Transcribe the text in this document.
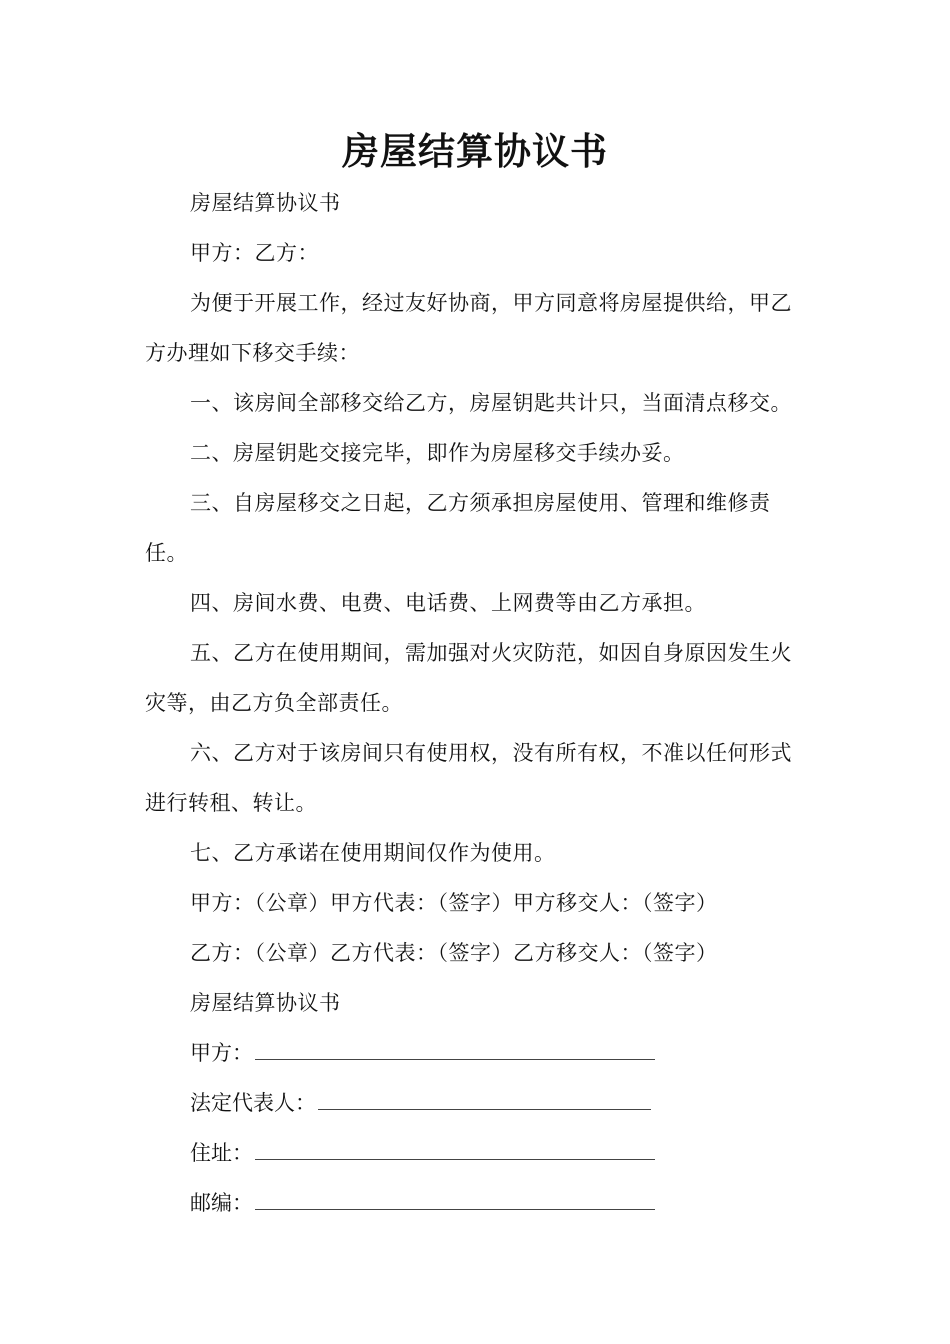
房屋结算协议书

房屋结算协议书

甲方：乙方：

为便于开展工作，经过友好协商，甲方同意将房屋提供给，甲乙方办理如下移交手续：

一、该房间全部移交给乙方，房屋钥匙共计只，当面清点移交。

二、房屋钥匙交接完毕，即作为房屋移交手续办妥。

三、自房屋移交之日起，乙方须承担房屋使用、管理和维修责任。

四、房间水费、电费、电话费、上网费等由乙方承担。

五、乙方在使用期间，需加强对火灾防范，如因自身原因发生火灾等，由乙方负全部责任。

六、乙方对于该房间只有使用权，没有所有权，不准以任何形式进行转租、转让。

七、乙方承诺在使用期间仅作为使用。

甲方：（公章）甲方代表：（签字）甲方移交人：（签字）

乙方：（公章）乙方代表：（签字）乙方移交人：（签字）

房屋结算协议书

甲方：
法定代表人：
住址：
邮编：
